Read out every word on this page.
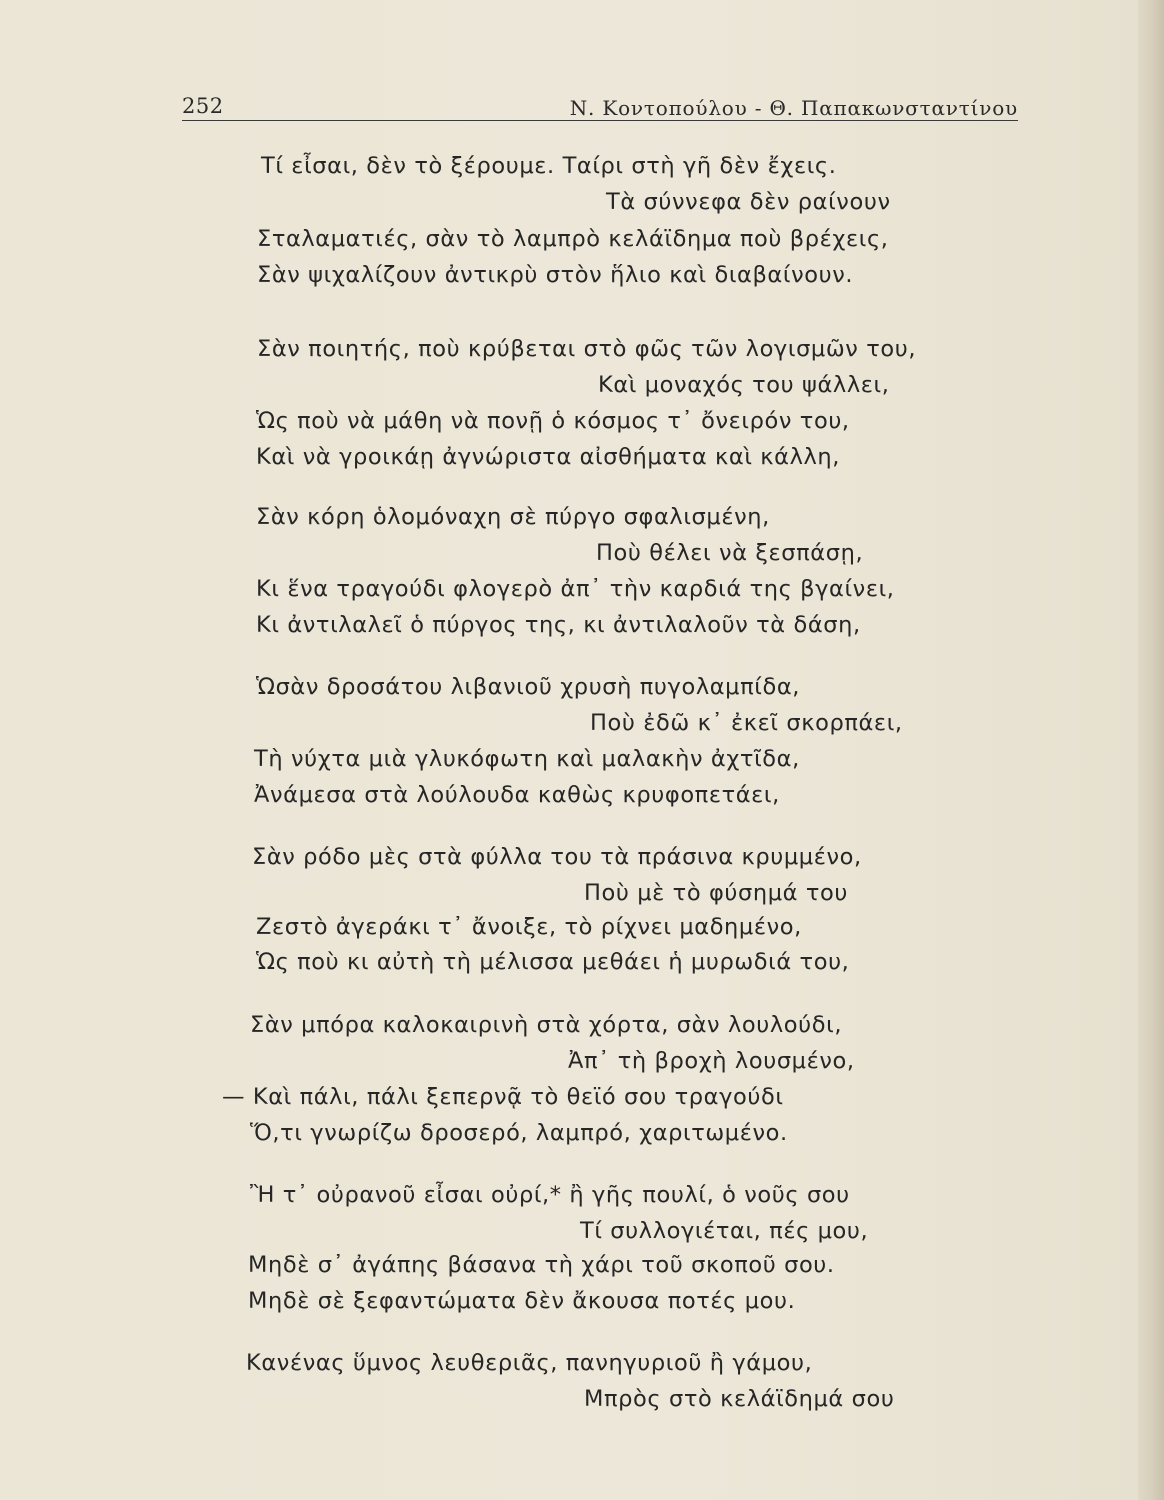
252	Ν. Κοντοπούλου - Θ. Παπακωνσταντίνου
Τί εἶσαι, δὲν τὸ ξέρουμε. Ταίρι στὴ γῆ δὲν ἔχεις.
Τὰ σύννεφα δὲν ραίνουν
Σταλαματιές, σὰν τὸ λαμπρὸ κελάϊδημα ποὺ βρέχεις,
Σὰν ψιχαλίζουν ἀντικρὺ στὸν ἥλιο καὶ διαβαίνουν.
Σὰν ποιητής, ποὺ κρύβεται στὸ φῶς τῶν λογισμῶν του,
Καὶ μοναχός του ψάλλει,
Ὡς ποὺ νὰ μάθη νὰ πονῇ ὁ κόσμος τ᾽ ὄνειρόν του,
Καὶ νὰ γροικάῃ ἀγνώριστα αἰσθήματα καὶ κάλλη,
Σὰν κόρη ὁλομόναχη σὲ πύργο σφαλισμένη,
Ποὺ θέλει νὰ ξεσπάσῃ,
Κι ἕνα τραγούδι φλογερὸ ἀπ᾽ τὴν καρδιά της βγαίνει,
Κι ἀντιλαλεῖ ὁ πύργος της, κι ἀντιλαλοῦν τὰ δάση,
Ὡσὰν δροσάτου λιβανιοῦ χρυσὴ πυγολαμπίδα,
Ποὺ ἐδῶ κ᾽ ἐκεῖ σκορπάει,
Τὴ νύχτα μιὰ γλυκόφωτη καὶ μαλακὴν ἀχτῖδα,
Ἀνάμεσα στὰ λούλουδα καθὼς κρυφοπετάει,
Σὰν ρόδο μὲς στὰ φύλλα του τὰ πράσινα κρυμμένο,
Ποὺ μὲ τὸ φύσημά του
Ζεστὸ ἀγεράκι τ᾽ ἄνοιξε, τὸ ρίχνει μαδημένο,
Ὡς ποὺ κι αὐτὴ τὴ μέλισσα μεθάει ἡ μυρωδιά του,
Σὰν μπόρα καλοκαιρινὴ στὰ χόρτα, σὰν λουλούδι,
Ἀπ᾽ τὴ βροχὴ λουσμένο,
— Καὶ πάλι, πάλι ξεπερνᾷ τὸ θεϊό σου τραγούδι
Ὅ,τι γνωρίζω δροσερό, λαμπρό, χαριτωμένο.
Ἢ τ᾽ οὐρανοῦ εἶσαι οὐρί,* ἢ γῆς πουλί, ὁ νοῦς σου
Τί συλλογιέται, πές μου,
Μηδὲ σ᾽ ἀγάπης βάσανα τὴ χάρι τοῦ σκοποῦ σου.
Μηδὲ σὲ ξεφαντώματα δὲν ἄκουσα ποτές μου.
Κανένας ὕμνος λευθεριᾶς, πανηγυριοῦ ἢ γάμου,
Μπρὸς στὸ κελάϊδημά σου
